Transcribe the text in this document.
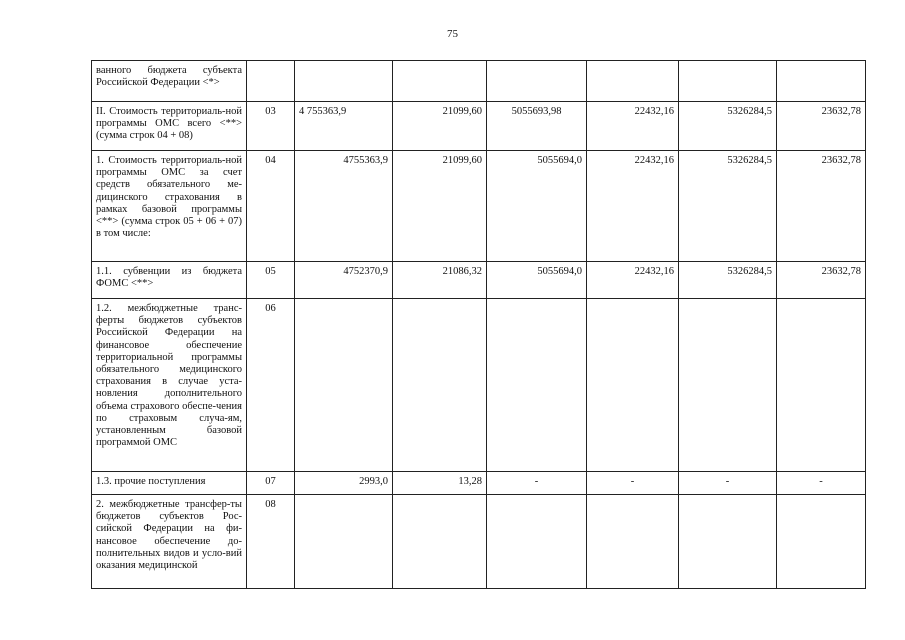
75
ванного бюджета субъекта Российской Федерации <*>							
II. Стоимость территориаль-ной программы ОМС всего <**> (сумма строк 04 + 08)	03	4 755363,9	21099,60	5055693,98	22432,16	5326284,5	23632,78
1. Стоимость территориаль-ной программы ОМС за счет средств обязательного ме-дицинского страхования в рамках базовой программы <**> (сумма строк 05 + 06 + 07) в том числе:	04	4755363,9	21099,60	5055694,0	22432,16	5326284,5	23632,78
1.1. субвенции из бюджета ФОМС <**>	05	4752370,9	21086,32	5055694,0	22432,16	5326284,5	23632,78
1.2. межбюджетные транс-ферты бюджетов субъектов Российской Федерации на финансовое обеспечение территориальной программы обязательного медицинского страхования в случае уста-новления дополнительного объема страхового обеспе-чения по страховым случа-ям, установленным базовой программой ОМС	06						
1.3. прочие поступления	07	2993,0	13,28	-	-	-	-
2. межбюджетные трансфер-ты бюджетов субъектов Рос-сийской Федерации на фи-нансовое обеспечение до-полнительных видов и усло-вий оказания медицинской	08						
